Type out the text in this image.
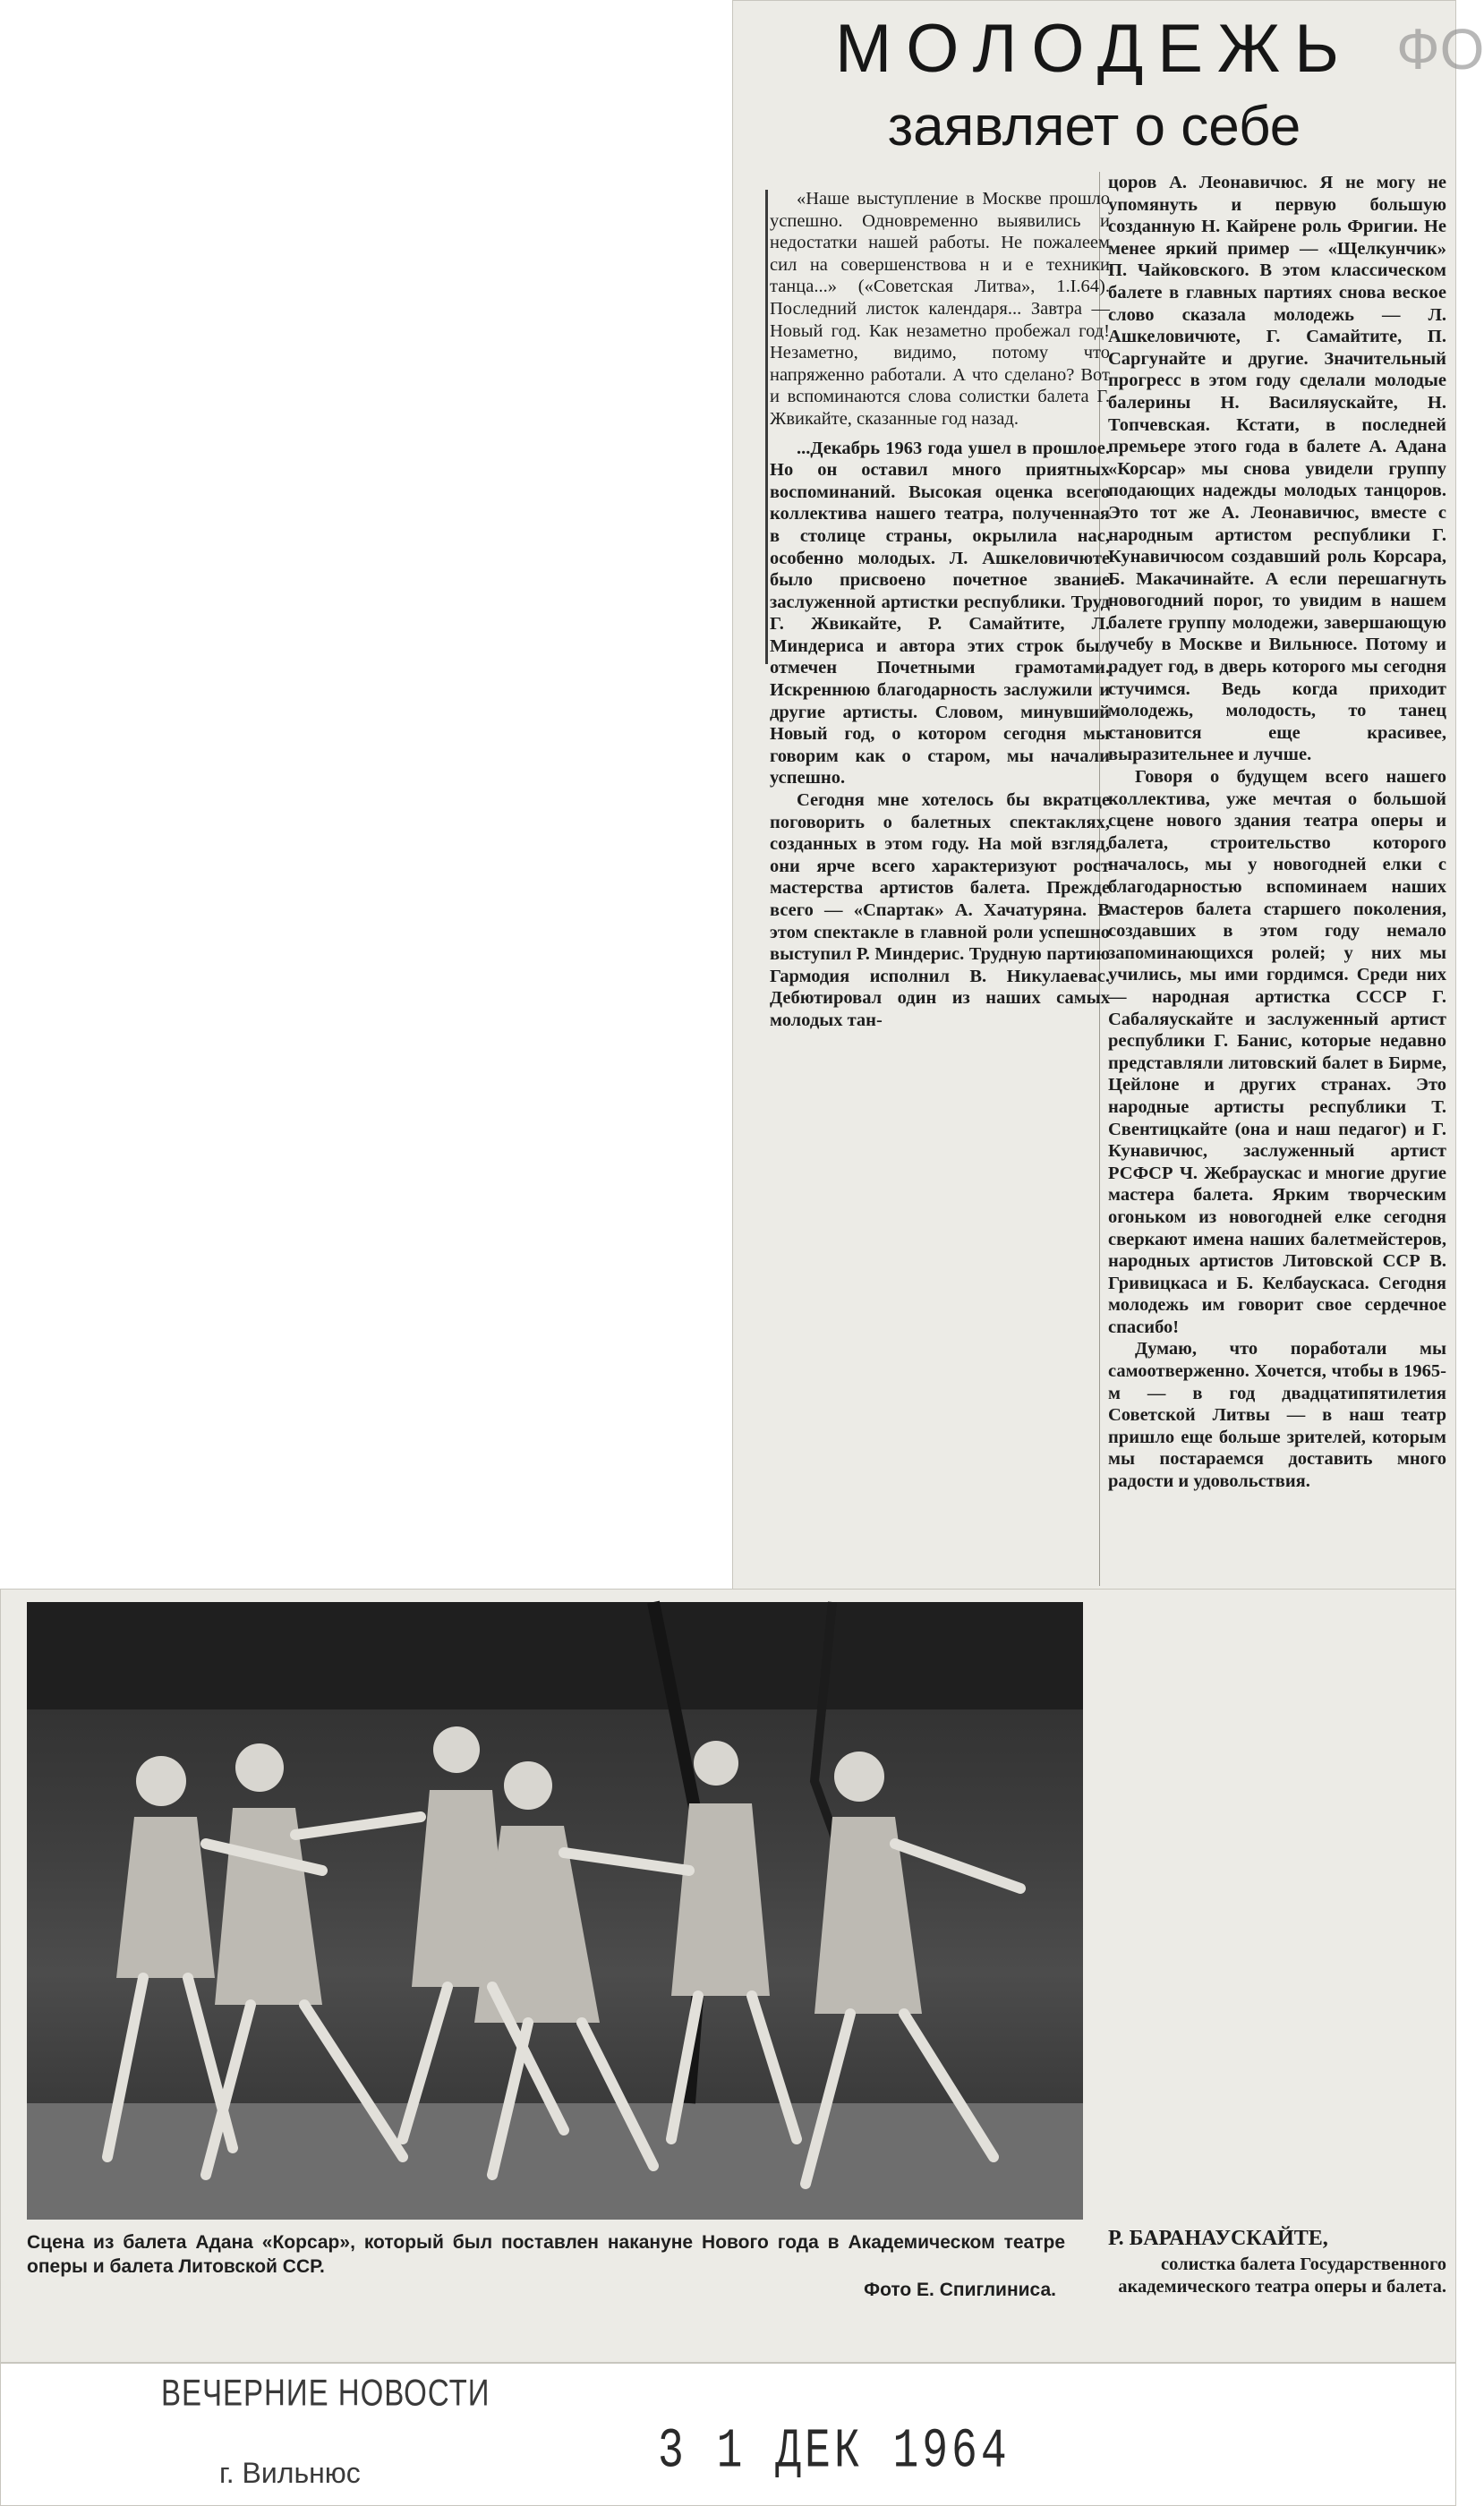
ФО
МОЛОДЕЖЬ
заявляет о себе

«Наше выступление в Москве прошло успешно. Одновременно выявились и недостатки нашей работы. Не пожалеем сил на совершенствова н и е техники танца...» («Советская Литва», 1.I.64). Последний листок календаря... Завтра — Новый год. Как незаметно пробежал год! Незаметно, видимо, потому что напряженно работали. А что сделано? Вот и вспоминаются слова солистки балета Г. Жвикайте, сказанные год назад.

...Декабрь 1963 года ушел в прошлое. Но он оставил много приятных воспоминаний. Высокая оценка всего коллектива нашего театра, полученная в столице страны, окрылила нас, особенно молодых. Л. Ашкеловичюте было присвоено почетное звание заслуженной артистки республики. Труд Г. Жвикайте, Р. Самайтите, Л. Миндериса и автора этих строк был отмечен Почетными грамотами. Искреннюю благодарность заслужили и другие артисты. Словом, минувший Новый год, о котором сегодня мы говорим как о старом, мы начали успешно.

Сегодня мне хотелось бы вкратце поговорить о балетных спектаклях, созданных в этом году. На мой взгляд, они ярче всего характеризуют рост мастерства артистов балета. Прежде всего — «Спартак» А. Хачатуряна. В этом спектакле в главной роли успешно выступил Р. Миндерис. Трудную партию Гармодия исполнил В. Никулаевас. Дебютировал один из наших самых молодых тан-

цоров А. Леонавичюс. Я не могу не упомянуть и первую большую созданную Н. Кайрене роль Фригии. Не менее яркий пример — «Щелкунчик» П. Чайковского. В этом классическом балете в главных партиях снова веское слово сказала молодежь — Л. Ашкеловичюте, Г. Самайтите, П. Саргунайте и другие. Значительный прогресс в этом году сделали молодые балерины Н. Василяускайте, Н. Топчевская. Кстати, в последней премьере этого года в балете А. Адана «Корсар» мы снова увидели группу подающих надежды молодых танцоров. Это тот же А. Леонавичюс, вместе с народным артистом республики Г. Кунавичюсом создавший роль Корсара, Б. Макачинайте. А если перешагнуть новогодний порог, то увидим в нашем балете группу молодежи, завершающую учебу в Москве и Вильнюсе. Потому и радует год, в дверь которого мы сегодня стучимся. Ведь когда приходит молодежь, молодость, то танец становится еще красивее, выразительнее и лучше.

Говоря о будущем всего нашего коллектива, уже мечтая о большой сцене нового здания театра оперы и балета, строительство которого началось, мы у новогодней елки с благодарностью вспоминаем наших мастеров балета старшего поколения, создавших в этом году немало запоминающихся ролей; у них мы учились, мы ими гордимся. Среди них — народная артистка СССР Г. Сабаляускайте и заслуженный артист республики Г. Банис, которые недавно представляли литовский балет в Бирме, Цейлоне и других странах. Это народные артисты республики Т. Свентицкайте (она и наш педагог) и Г. Кунавичюс, заслуженный артист РСФСР Ч. Жебраускас и многие другие мастера балета. Ярким творческим огоньком из новогодней елке сегодня сверкают имена наших балетмейстеров, народных артистов Литовской ССР В. Гривицкаса и Б. Келбаускаса. Сегодня молодежь им говорит свое сердечное спасибо!

Думаю, что поработали мы самоотверженно. Хочется, чтобы в 1965-м — в год двадцатипятилетия Советской Литвы — в наш театр пришло еще больше зрителей, которым мы постараемся доставить много радости и удовольствия.

Р. БАРАНАУСКАЙТЕ,
солистка балета Государственного академического театра оперы и балета.
Сцена из балета Адана «Корсар», который был поставлен накануне Нового года в Академическом театре оперы и балета Литовской ССР.
Фото Е. Спиглиниса.
ВЕЧЕРНИЕ НОВОСТИ
г. Вильнюс	3 1 ДЕК 1964
